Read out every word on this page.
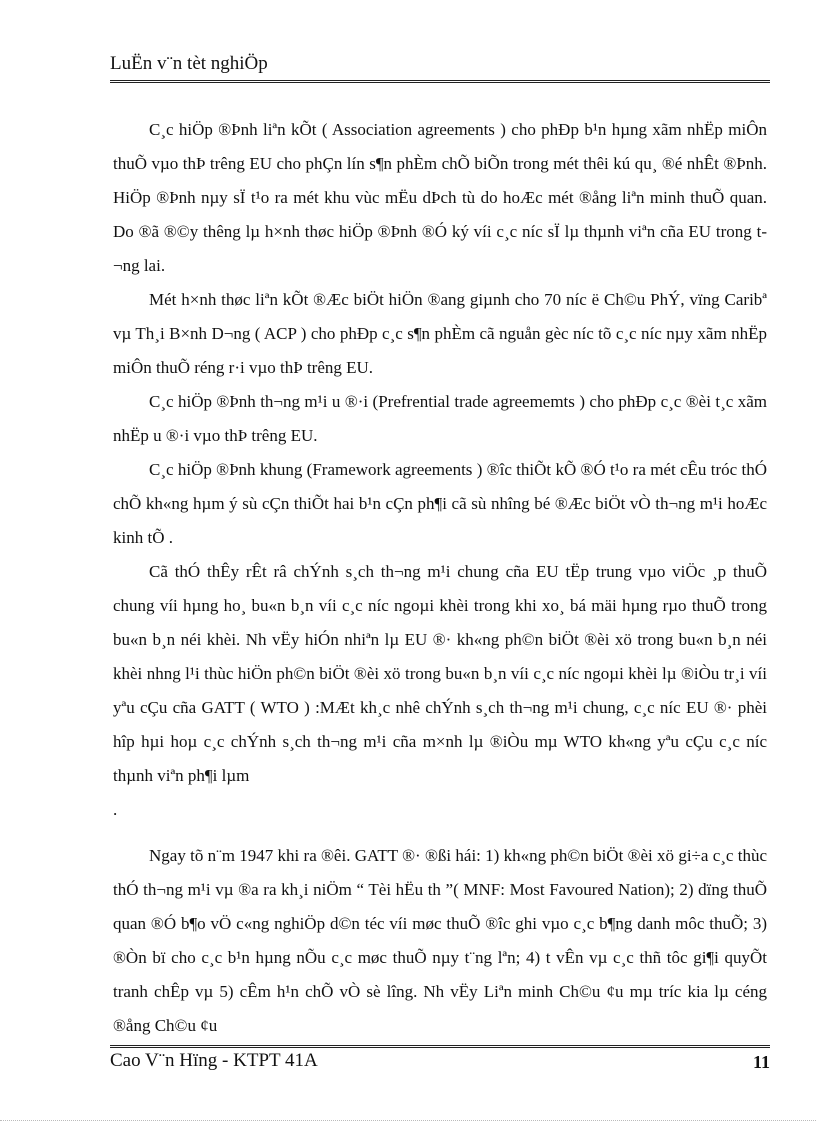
LuËn v¨n tèt nghiÖp

C¸c hiÖp ®Þnh liªn kÕt ( Association agreements ) cho phÐp b¹n hµng xãm nhËp miÔn thuÕ vµo thÞ trêng EU cho phÇn lín s¶n phÈm chÕ biÕn trong mét thêi kú qu¸ ®é nhÊt ®Þnh. HiÖp ®Þnh nµy sÏ t¹o ra mét khu vùc mËu dÞch tù do hoÆc mét ®ång liªn minh thuÕ quan. Do ®ã ®©y thêng lµ h×nh thøc hiÖp ®Þnh ®Ó ký víi c¸c níc sÏ lµ thµnh viªn cña EU trong t¬ng lai.

Mét h×nh thøc liªn kÕt ®Æc biÖt hiÖn ®ang giµnh cho 70 níc ë Ch©u PhÝ, vïng Caribª vµ Th¸i B×nh D¬ng ( ACP ) cho phÐp c¸c s¶n phÈm cã nguån gèc níc tõ c¸c níc nµy xãm nhËp miÔn thuÕ réng r·i vµo thÞ trêng EU.

C¸c hiÖp ®Þnh th¬ng m¹i u ®·i (Prefrential trade agreememts ) cho phÐp c¸c ®èi t¸c xãm nhËp u ®·i vµo thÞ trêng EU.

C¸c hiÖp ®Þnh khung (Framework agreements ) ®îc thiÕt kÕ ®Ó t¹o ra mét cÊu tróc thÓ chÕ kh«ng hµm ý sù cÇn thiÕt hai b¹n cÇn ph¶i cã sù nhîng bé ®Æc biÖt vÒ th¬ng m¹i hoÆc kinh tÕ .

Cã thÓ thÊy rÊt râ chÝnh s¸ch th¬ng m¹i chung cña EU tËp trung vµo viÖc ¸p thuÕ chung víi hµng ho¸ bu«n b¸n víi c¸c níc ngoµi khèi trong khi xo¸ bá mäi hµng rµo thuÕ trong bu«n b¸n néi khèi. Nh vËy hiÓn nhiªn lµ EU ®· kh«ng ph©n biÖt ®èi xö trong bu«n b¸n néi khèi nhng l¹i thùc hiÖn ph©n biÖt ®èi xö trong bu«n b¸n víi c¸c níc ngoµi khèi lµ ®iÒu tr¸i víi yªu cÇu cña GATT ( WTO ) :MÆt kh¸c nhê chÝnh s¸ch th¬ng m¹i chung, c¸c níc EU ®· phèi hîp hµi hoµ c¸c chÝnh s¸ch th¬ng m¹i cña m×nh lµ ®iÒu mµ WTO kh«ng yªu cÇu c¸c níc thµnh viªn ph¶i lµm

.

Ngay tõ n¨m 1947 khi ra ®êi. GATT ®· ®ßi hái: 1) kh«ng ph©n biÖt ®èi xö gi÷a c¸c thùc thÓ th¬ng m¹i vµ ®a ra kh¸i niÖm “ Tèi hËu th ”( MNF: Most Favoured Nation); 2) dïng thuÕ quan ®Ó b¶o vÖ c«ng nghiÖp d©n téc víi møc thuÕ ®îc ghi vµo c¸c b¶ng danh môc thuÕ; 3) ®Òn bï cho c¸c b¹n hµng nÕu c¸c møc thuÕ nµy t¨ng lªn; 4) t vÊn vµ c¸c thñ tôc gi¶i quyÕt tranh chÊp vµ 5) cÊm h¹n chÕ vÒ sè lîng. Nh vËy Liªn minh Ch©u ¢u mµ tríc kia lµ céng ®ång Ch©u ¢u

Cao V¨n Hïng - KTPT 41A	11
